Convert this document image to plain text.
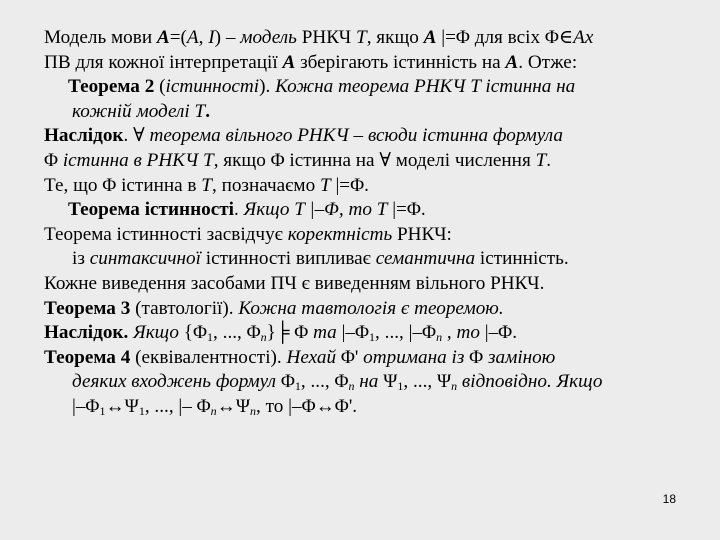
Модель мови A=(A, I) – модель РНКЧ T, якщо A |=Φ для всіх Φ∈Ax
ПВ для кожної інтерпретації A зберігають істинність на A. Отже:
Теорема 2 (істинності). Кожна теорема РНКЧ T істинна на
кожній моделі T.
Наслідок. ∀ теорема вільного РНКЧ – всюди істинна формула
Φ істинна в РНКЧ T, якщо Φ істинна на ∀ моделі числення T.
Те, що Φ істинна в T, позначаємо T |=Φ.
Теорема істинності. Якщо T |–Φ, то T |=Φ.
Теорема істинності засвідчує коректність РНКЧ:
із синтаксичної істинності випливає семантична істинність.
Кожне виведення засобами ПЧ є виведенням вільного РНКЧ.
Теорема 3 (тавтології). Кожна тавтологія є теоремою.
Наслідок. Якщо {$\Phi_1$, ..., $\Phi_n\}╞$ Φ та $|-\Phi_1$, ..., $|-\Phi_n$ , то |–Φ.
Теорема 4 (еквівалентності). Нехай Φ' отримана із Φ заміною
деяких входжень формул $\Phi_1$, ..., $\Phi_n$ на $\Psi_1$, ..., $\Psi_n$ відповідно. Якщо
$|-\Phi_1\leftrightarrow\Psi_1$, ..., |– $\Phi_n\leftrightarrow\Psi_n$, то |–Φ↔Φ'.
18
